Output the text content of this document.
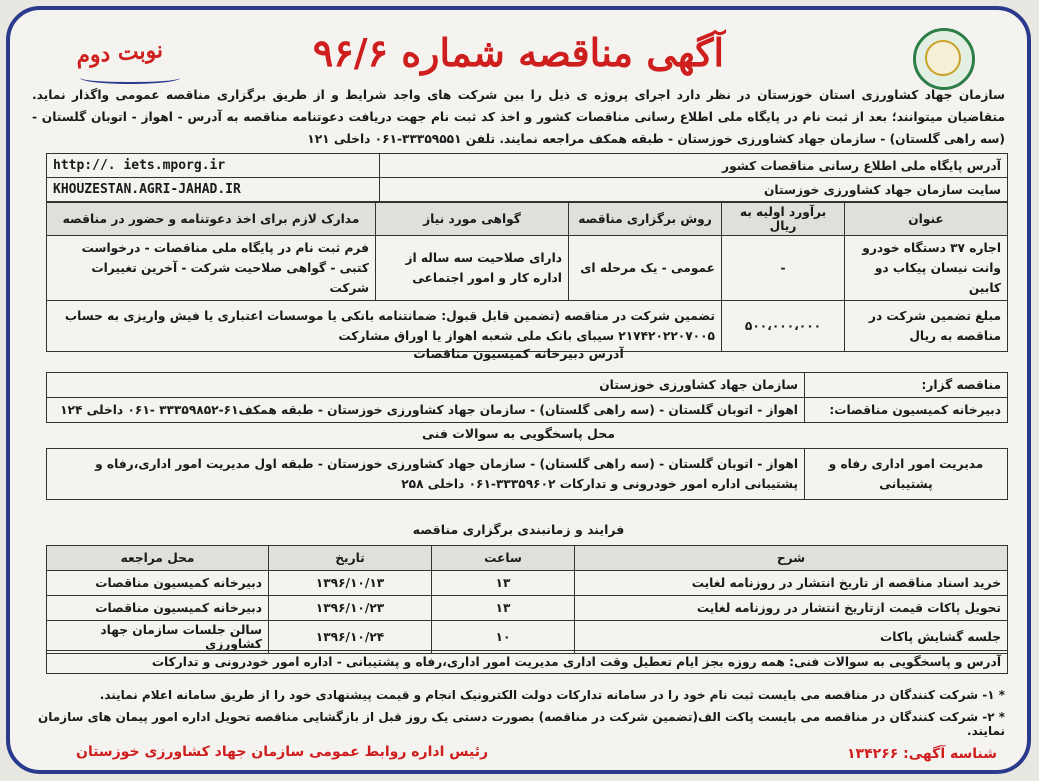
نوبت دوم	آگهی مناقصه شماره ۹۶/۶

سازمان جهاد کشاورزی استان خوزستان در نظر دارد اجرای پروژه ی ذیل را بین شرکت های واجد شرایط و از طریق برگزاری مناقصه عمومی واگذار نماید. متقاضیان میتوانند؛ بعد از ثبت نام در پایگاه ملی اطلاع رسانی مناقصات کشور و اخذ کد ثبت نام جهت دریافت دعوتنامه مناقصه به آدرس - اهواز - اتوبان گلستان - (سه راهی گلستان) - سازمان جهاد کشاورزی خوزستان - طبقه همکف مراجعه نمایند. تلفن ۳۳۳۵۹۵۵۱-۰۶۱ داخلی ۱۲۱

آدرس پایگاه ملی اطلاع رسانی مناقصات کشور	http://. iets.mporg.ir
سایت سازمان جهاد کشاورزی خوزستان	KHOUZESTAN.AGRI-JAHAD.IR
عنوان	برآورد اولیه به ریال	روش برگزاری مناقصه	گواهی مورد نیاز	مدارک لازم برای اخذ دعوتنامه و حضور در مناقصه
اجاره ۳۷ دستگاه خودرو وانت نیسان پیکاب دو کابین	-	عمومی - یک مرحله ای	دارای صلاحیت سه ساله از اداره کار و امور اجتماعی	فرم ثبت نام در پایگاه ملی مناقصات - درخواست کتبی - گواهی صلاحیت شرکت - آخرین تغییرات شرکت
مبلغ تضمین شرکت در مناقصه به ریال	۵۰۰،۰۰۰،۰۰۰	تضمین شرکت در مناقصه (تضمین قابل قبول: ضمانتنامه بانکی یا موسسات اعتباری یا فیش واریزی به حساب ۲۱۷۴۲۰۲۲۰۷۰۰۵ سیبای بانک ملی شعبه اهواز یا اوراق مشارکت		
آدرس دبیرخانه کمیسیون مناقصات
مناقصه گزار:	سازمان جهاد کشاورزی خوزستان
دبیرخانه کمیسیون مناقصات:	اهواز - اتوبان گلستان - (سه راهی گلستان) - سازمان جهاد کشاورزی خوزستان - طبقه همکف۶۱-۳۳۳۵۹۸۵۲ -۰۶۱ داخلی ۱۲۴
محل پاسخگویی به سوالات فنی
مدیریت امور اداری رفاه و پشتیبانی	اهواز - اتوبان گلستان - (سه راهی گلستان) - سازمان جهاد کشاورزی خوزستان - طبقه اول مدیریت امور اداری،رفاه و پشتیبانی اداره امور خودرونی و تدارکات ۳۳۳۵۹۶۰۲-۰۶۱ داخلی ۲۵۸
فرایند و زمانبندی برگزاری مناقصه
شرح	ساعت	تاریخ	محل مراجعه
خرید اسناد مناقصه از تاریخ انتشار در روزنامه لغایت	۱۳	۱۳۹۶/۱۰/۱۳	دبیرخانه کمیسیون مناقصات
تحویل پاکات قیمت ازتاریخ انتشار در روزنامه لغایت	۱۳	۱۳۹۶/۱۰/۲۳	دبیرخانه کمیسیون مناقصات
جلسه گشایش پاکات	۱۰	۱۳۹۶/۱۰/۲۴	سالن جلسات سازمان جهاد کشاورزی
آدرس و پاسخگویی به سوالات فنی: همه روزه بجز ایام تعطیل وقت اداری مدیریت امور اداری،رفاه و پشتیبانی - اداره امور خودرونی و تدارکات
* ۱- شرکت کنندگان در مناقصه می بایست ثبت نام خود را در سامانه تدارکات دولت الکترونیک انجام و قیمت پیشنهادی خود را از طریق سامانه اعلام نمایند.
* ۲- شرکت کنندگان در مناقصه می بایست پاکت الف(تضمین شرکت در مناقصه) بصورت دستی یک روز قبل از بازگشایی مناقصه تحویل اداره امور پیمان های سازمان نمایند.
شناسه آگهی: ۱۳۴۲۶۶
رئیس اداره روابط عمومی سازمان جهاد کشاورزی خوزستان
